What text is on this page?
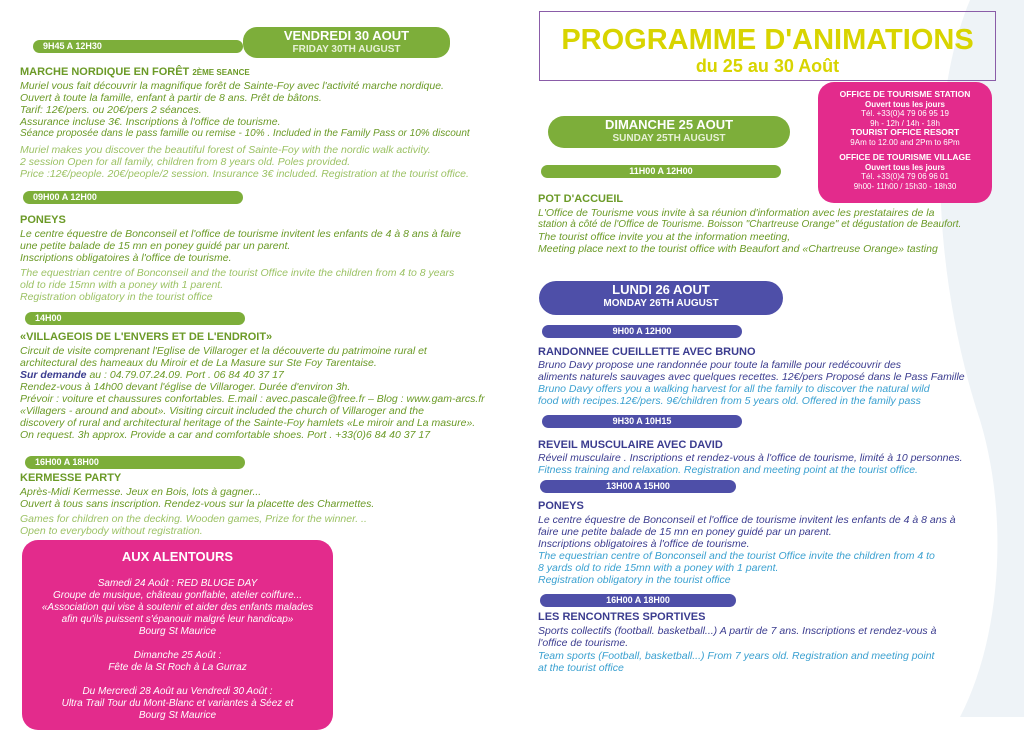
VENDREDI 30 AOUT
FRIDAY 30TH AUGUST
9H45 A 12H30
MARCHE NORDIQUE EN FORÊT 2ÈME SEANCE
Muriel vous fait découvrir la magnifique forêt de Sainte-Foy avec l'activité marche nordique.
Ouvert à toute la famille, enfant à partir de 8 ans. Prêt de bâtons.
Tarif: 12€/pers. ou 20€/pers 2 séances.
Assurance incluse 3€. Inscriptions à l'office de tourisme.
Séance proposée dans le pass famille ou remise - 10% . Included in the Family Pass or 10% discount
Muriel makes you discover the beautiful forest of Sainte-Foy with the nordic walk activity.
2 session Open for all family, children from 8 years old. Poles provided.
Price :12€/people. 20€/people/2 session. Insurance 3€ included. Registration at the tourist office.
09H00 A 12H00
PONEYS
Le centre équestre de Bonconseil et l'office de tourisme invitent les enfants de 4 à 8 ans à faire
une petite balade de 15 mn en poney guidé par un parent.
Inscriptions obligatoires à l'office de tourisme.
The equestrian centre of Bonconseil and the tourist Office invite the children from 4 to 8 years
old to ride 15mn with a poney with 1 parent.
Registration obligatory in the tourist office
14H00
«VILLAGEOIS DE L'ENVERS ET DE L'ENDROIT»
Circuit de visite comprenant l'Eglise de Villaroger et la découverte du patrimoine rural et
architectural des hameaux du Miroir et de La Masure sur Ste Foy Tarentaise.
Sur demande au : 04.79.07.24.09. Port . 06 84 40 37 17
Rendez-vous à 14h00 devant l'église de Villaroger. Durée d'environ 3h.
Prévoir : voiture et chaussures confortables. E.mail : avec.pascale@free.fr – Blog : www.gam-arcs.fr
«Villagers - around and about». Visiting circuit included the church of Villaroger and the
discovery of rural and architectural heritage of the Sainte-Foy hamlets «Le miroir and La masure».
On request. 3h approx. Provide a car and comfortable shoes. Port . +33(0)6 84 40 37 17
16H00 A 18H00
KERMESSE PARTY
Après-Midi Kermesse. Jeux en Bois, lots à gagner...
Ouvert à tous sans inscription. Rendez-vous sur la placette des Charmettes.
Games for children on the decking. Wooden games, Prize for the winner. ..
Open to everybody without registration.
AUX ALENTOURS
Samedi 24 Août : RED BLUGE DAY
Groupe de musique, château gonflable, atelier coiffure...
«Association qui vise à soutenir et aider des enfants malades
afin qu'ils puissent s'épanouir malgré leur handicap»
Bourg St Maurice
Dimanche 25 Août :
Fête de la St Roch à La Gurraz
Du Mercredi 28 Août au Vendredi 30 Août :
Ultra Trail Tour du Mont-Blanc et variantes à Séez et
Bourg St Maurice
PROGRAMME D'ANIMATIONS
du 25 au 30 Août
OFFICE DE TOURISME STATION
Ouvert tous les jours
Tél. +33(0)4 79 06 95 19
9h - 12h / 14h - 18h
TOURIST OFFICE RESORT
9Am to 12.00 and 2Pm to 6Pm
OFFICE DE TOURISME VILLAGE
Ouvert tous les jours
Tél. +33(0)4 79 06 96 01
9h00- 11h00 / 15h30 - 18h30
DIMANCHE 25 AOUT
SUNDAY 25TH AUGUST
11H00 A 12H00
POT D'ACCUEIL
L'Office de Tourisme vous invite à sa réunion d'information avec les prestataires de la
station à côté de l'Office de Tourisme. Boisson "Chartreuse Orange" et dégustation de Beaufort.
The tourist office invite you at the information meeting,
Meeting place next to the tourist office with Beaufort and «Chartreuse Orange» tasting
LUNDI 26 AOUT
MONDAY 26TH AUGUST
9H00 A 12H00
RANDONNEE CUEILLETTE AVEC BRUNO
Bruno Davy propose une randonnée pour toute la famille pour redécouvrir des
aliments naturels sauvages avec quelques recettes. 12€/pers Proposé dans le Pass Famille
Bruno Davy offers you a walking harvest for all the family to discover the natural wild
food with recipes.12€/pers. 9€/children from 5 years old. Offered in the family pass
9H30 A 10H15
REVEIL MUSCULAIRE AVEC DAVID
Réveil musculaire . Inscriptions et rendez-vous à l'office de tourisme, limité à 10 personnes.
Fitness training and relaxation. Registration and meeting point at the tourist office.
13H00 A 15H00
PONEYS
Le centre équestre de Bonconseil et l'office de tourisme invitent les enfants de 4 à 8 ans à
faire une petite balade de 15 mn en poney guidé par un parent.
Inscriptions obligatoires à l'office de tourisme.
The equestrian centre of Bonconseil and the tourist Office invite the children from 4 to
8 yards old to ride 15mn with a poney with 1 parent.
Registration obligatory in the tourist office
16H00 A 18H00
LES RENCONTRES SPORTIVES
Sports collectifs (football. basketball...) A partir de 7 ans. Inscriptions et rendez-vous à
l'office de tourisme.
Team sports (Football, basketball...) From 7 years old. Registration and meeting point
at the tourist office
